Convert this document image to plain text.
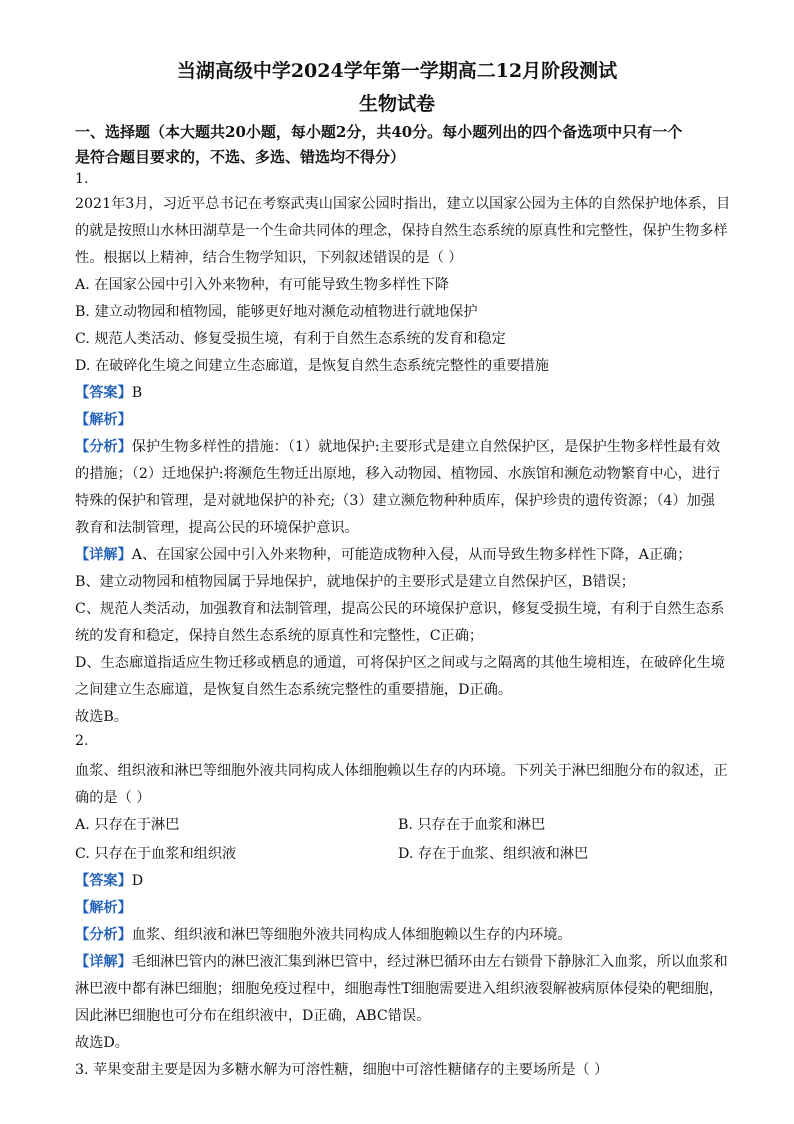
当湖高级中学2024学年第一学期高二12月阶段测试
生物试卷
一、选择题（本大题共20小题，每小题2分，共40分。每小题列出的四个备选项中只有一个
是符合题目要求的，不选、多选、错选均不得分）
1.
2021年3月，习近平总书记在考察武夷山国家公园时指出，建立以国家公园为主体的自然保护地体系，目
的就是按照山水林田湖草是一个生命共同体的理念，保持自然生态系统的原真性和完整性，保护生物多样
性。根据以上精神，结合生物学知识，下列叙述错误的是（ ）
A. 在国家公园中引入外来物种，有可能导致生物多样性下降
B. 建立动物园和植物园，能够更好地对濒危动植物进行就地保护
C. 规范人类活动、修复受损生境，有利于自然生态系统的发育和稳定
D. 在破碎化生境之间建立生态廊道，是恢复自然生态系统完整性的重要措施
【答案】B
【解析】
【分析】保护生物多样性的措施：（1）就地保护:主要形式是建立自然保护区，是保护生物多样性最有效
的措施；（2）迁地保护:将濒危生物迁出原地，移入动物园、植物园、水族馆和濒危动物繁育中心，进行
特殊的保护和管理，是对就地保护的补充;（3）建立濒危物种种质库，保护珍贵的遗传资源；（4）加强
教育和法制管理，提高公民的环境保护意识。
【详解】A、在国家公园中引入外来物种，可能造成物种入侵，从而导致生物多样性下降，A正确；
B、建立动物园和植物园属于异地保护，就地保护的主要形式是建立自然保护区，B错误；
C、规范人类活动，加强教育和法制管理，提高公民的环境保护意识，修复受损生境，有利于自然生态系
统的发育和稳定，保持自然生态系统的原真性和完整性，C正确；
D、生态廊道指适应生物迁移或栖息的通道，可将保护区之间或与之隔离的其他生境相连，在破碎化生境
之间建立生态廊道，是恢复自然生态系统完整性的重要措施，D正确。
故选B。
2.
血浆、组织液和淋巴等细胞外液共同构成人体细胞赖以生存的内环境。下列关于淋巴细胞分布的叙述，正
确的是（ ）
A. 只存在于淋巴	B. 只存在于血浆和淋巴
C. 只存在于血浆和组织液	D. 存在于血浆、组织液和淋巴
【答案】D
【解析】
【分析】血浆、组织液和淋巴等细胞外液共同构成人体细胞赖以生存的内环境。
【详解】毛细淋巴管内的淋巴液汇集到淋巴管中，经过淋巴循环由左右锁骨下静脉汇入血浆，所以血浆和
淋巴液中都有淋巴细胞；细胞免疫过程中，细胞毒性T细胞需要进入组织液裂解被病原体侵染的靶细胞，
因此淋巴细胞也可分布在组织液中，D正确，ABC错误。
故选D。
3. 苹果变甜主要是因为多糖水解为可溶性糖，细胞中可溶性糖储存的主要场所是（ ）
